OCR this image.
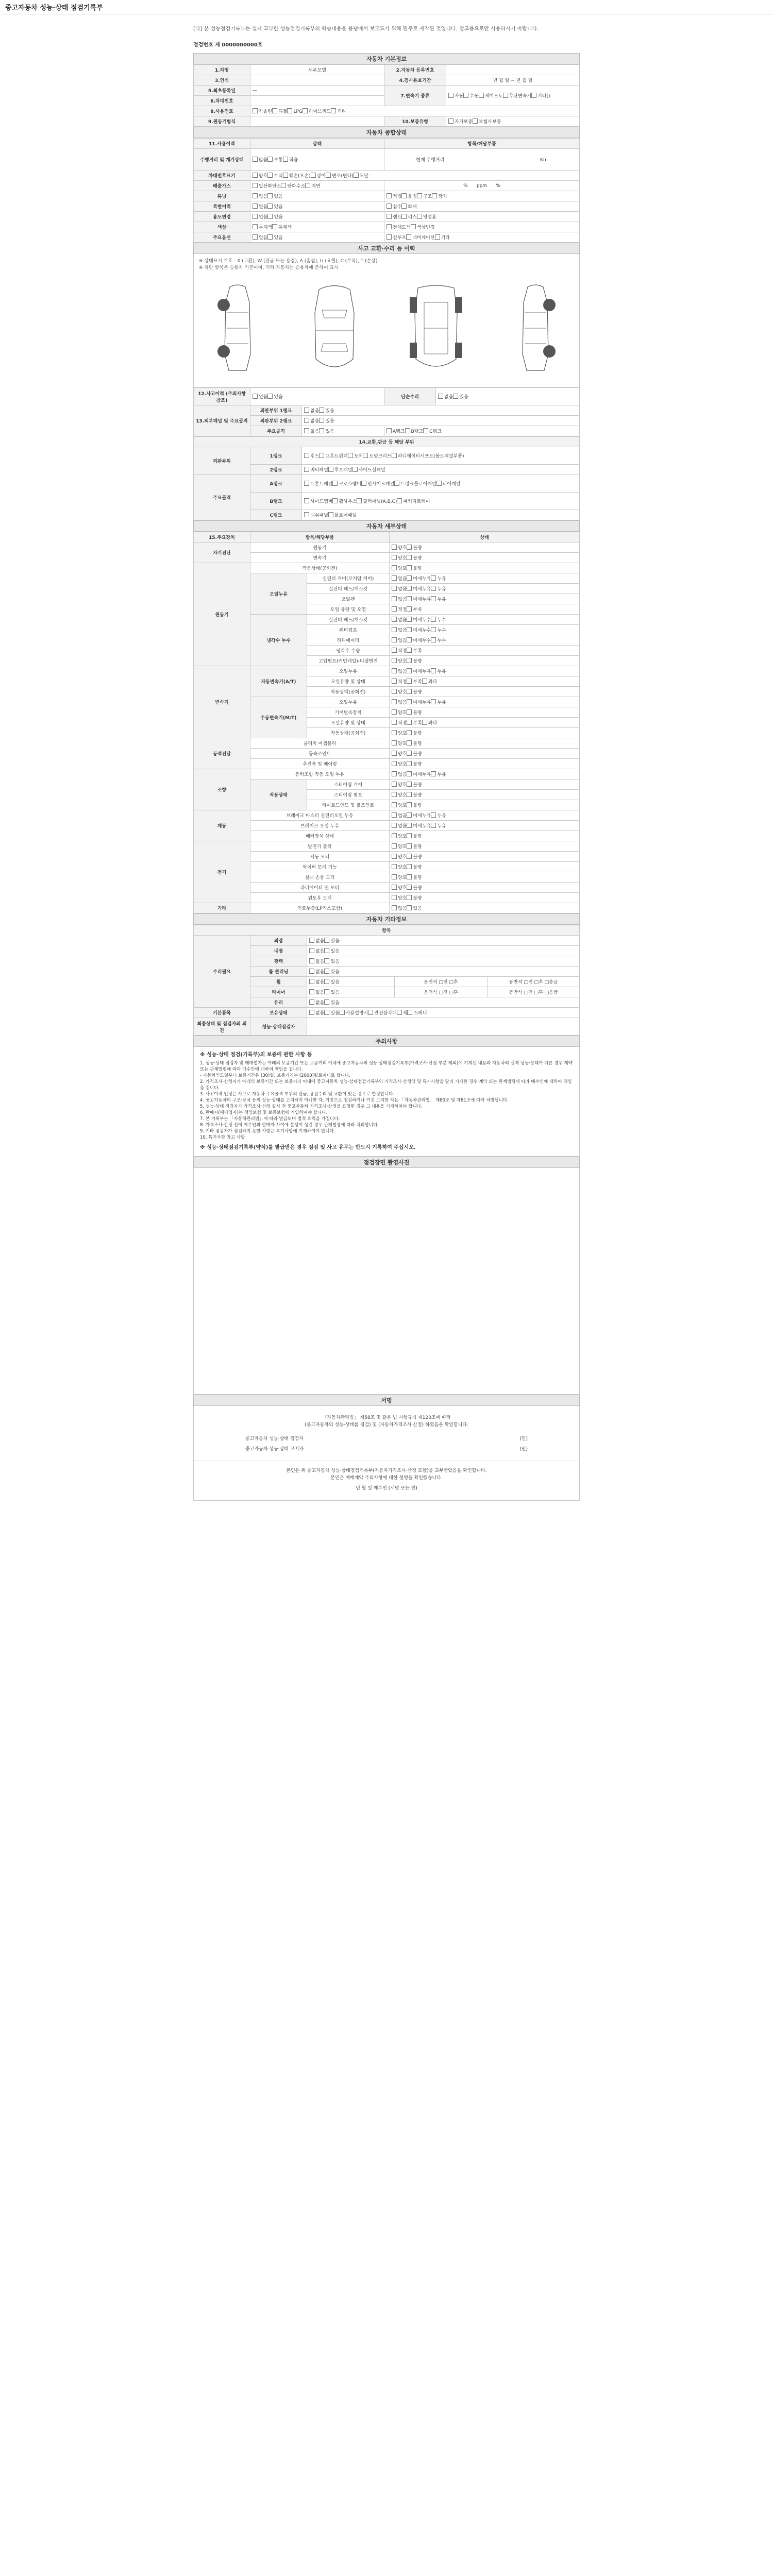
중고자동차 성능·상태 점검기록부

[다] 본 성능점검기록부는 실제 고부한 성능점검기록부의 학습내용을 용녕에서 보모드가 위해 편주로 제작된 것입니다. 참고용으로만 사용하시기 바랍니다.

점검번호 제 0000000000호

자동차 기본정보
1.차명	세부모델	2.자동차 등록번호	
3.연식		4.검사유효기간	년 월 일 ~ 년 월 일
5.최초등록일	—	7.변속기 종류	자동 수동 세미오토 무단변속기 기타()
6.차대번호			
8.사용연료	가솔린 디젤 LPG 하이브리드 기타		
9.원동기형식		10.보증유형	자가보증 보험사보증
자동차 종합상태
11.사용이력	상태	항목/해당부품
주행거리 및 계기상태	많음 보통 적음	현재 주행거리 Km
차대번호표기	양호 부식 훼손(오손) 상이 변조(변타) 도말	
배출가스	일산화탄소 탄화수소 매연	% ppm %
튜닝	없음 있음	적법 불법 구조 장치
특별이력	없음 있음	침수 화재
용도변경	없음 있음	렌트 리스 영업용
색상	무채색 유채색	전체도색 색상변경
주요옵션	없음 있음	선루프 네비게이션 기타
사고 교환·수리 등 이력

※ 상태표시 부호 : X (교환), W (판금 또는 용접), A (흠집), U (요철), C (부식), T (손상)

※ 하단 항목은 승용차 기준이며, 기타 자동차는 승용차에 준하여 표시

12.사고이력 (주의사항 참조)	없음 있음		단순수리	없음 있음
13.외부패널 및 주요골격	외판부위 1랭크	없음 있음		
	외판부위 2랭크	없음 있음		
	주요골격	없음 있음	A랭크 B랭크 C랭크	
14.교환,판금 등 해당 부위		
외판부위	1랭크	후드 프론트펜더 도어 트렁크리드 라디에이터서포트(볼트체결부품)
	2랭크	쿼터패널 루프패널 사이드실패널
주요골격	A랭크	프론트패널 크로스멤버 인사이드패널 트렁크플로어패널 리어패널
	B랭크	사이드멤버 휠하우스 필러패널(A,B,C) 패키지트레이
	C랭크	대쉬패널 플로어패널
자동차 세부상태
15.주요장치	항목/해당부품		상태
자기진단	원동기		양호 불량
	변속기		양호 불량
원동기	작동상태(공회전)		양호 불량
	오일누유	실린더 커버(로커암 커버)	없음 미세누유 누유
		실린더 헤드/개스킷	없음 미세누유 누유
		오일팬	없음 미세누유 누유
		오일 유량 및 오염	적정 부족
	냉각수 누수	실린더 헤드/개스킷	없음 미세누수 누수
		워터펌프	없음 미세누수 누수
		라디에이터	없음 미세누수 누수
		냉각수 수량	적정 부족
		고압펌프(커먼레일)-디젤엔진	양호 불량
변속기	자동변속기(A/T)	오일누유	없음 미세누유 누유
		오일유량 및 상태	적정 부족 과다
		작동상태(공회전)	양호 불량
	수동변속기(M/T)	오일누유	없음 미세누유 누유
		기어변속장치	양호 불량
		오일유량 및 상태	적정 부족 과다
		작동상태(공회전)	양호 불량
동력전달	클러치 어셈블리		양호 불량
	등속조인트		양호 불량
	추진축 및 베어링		양호 불량
조향	동력조향 작동 오일 누유		없음 미세누유 누유
	작동상태	스티어링 기어	양호 불량
		스티어링 펌프	양호 불량
		타이로드엔드 및 볼조인트	양호 불량
제동	브레이크 마스터 실린더오일 누유		없음 미세누유 누유
	브레이크 오일 누유		없음 미세누유 누유
	배력장치 상태		양호 불량
전기	발전기 출력		양호 불량
	시동 모터		양호 불량
	와이퍼 모터 기능		양호 불량
	실내 송풍 모터		양호 불량
	라디에이터 팬 모터		양호 불량
	윈도우 모터		양호 불량
기타	연료누출(LP가스포함)		없음 있음
자동차 기타정보
항목				
수리필요	외장	없음 있음		
	내장	없음 있음		
	광택	없음 있음		
	룸 클리닝	없음 있음		
	휠	없음 있음	운전석 □전 □후	동반석 □전 □후 □응급
	타이어	없음 있음	운전석 □전 □후	동반석 □전 □후 □응급
	유리	없음 있음		
기본품목	보유상태	없음 있음 사용설명서 안전삼각대 잭 스패너		
최종상태 및 점검자의 의견	성능·상태점검자			
주의사항

※ 성능·상태 점검(기록부)의 보증에 관한 사항 등

1. 성능·상태 점검자 및 매매업자는 아래의 보증기간 또는 보증거리 이내에 중고자동차의 성능·상태점검기록부(가격조사·산정 부분 제외)에 기재된 내용과 자동차의 실제 성능·상태가 다른 경우 계약 또는 관계법령에 따라 매수인에 대하여 책임을 집니다.

- 자동차인도일부터 보증기간은 (30)일, 보증거리는 (2000)킬로미터로 합니다.

2. 가격조사·산정자가 아래의 보증기간 또는 보증거리 이내에 중고자동차 성능·상태점검기록부의 가격조사·산정액 및 특기사항을 달리 기재한 경우 계약 또는 관계법령에 따라 매수인에 대하여 책임을 집니다.

3. 사고이력 인정은 사고로 자동차 주요골격 부위의 판금, 용접수리 및 교환이 있는 경우로 한정합니다.

4. 중고자동차의 구조·장치 등의 성능·상태를 고지하지 아니한 자, 거짓으로 점검하거나 거짓 고지한 자는 「자동차관리법」 제80조 및 제81조에 따라 처벌됩니다.

5. 성능·상태 점검자가 가격조사·산정 실시 전 중고자동차 가격조사·산정을 요청한 경우 그 내용을 기재하여야 합니다.

6. 판매자(매매업자)는 책임보험 및 보증보험에 가입하여야 합니다.

7. 본 기록부는 「자동차관리법」에 따라 발급되며 법적 효력을 가집니다.

8. 가격조사·산정 전에 매수인과 판매자 사이에 분쟁이 생긴 경우 관계법령에 따라 처리합니다.

9. 기타 점검자가 점검하지 못한 사항은 특기사항에 기재하여야 합니다.

10. 특기사항 참고 사항

※ 성능·상태점검기록부(약식)를 발급받은 경우 점검 및 사고 유무는 반드시 기록하여 주십시오.

점검장면 촬영사진
서명

「자동차관리법」 제58조 및 같은 법 시행규칙 제120조에 따라

(중고자동차의 성능·상태를 점검) 및 (자동차가격조사·산정) 하였음을 확인합니다.

중고자동차 성능·상태 점검자	(인)
중고자동차 성능·상태 고지자	(인)

본인은 위 중고자동차 성능·상태점검기록부(자동차가격조사·산정 포함)를 교부받았음을 확인합니다.

본인은 매매계약 주의사항에 대한 설명을 확인했습니다.

년 월 일 매수인 (서명 또는 인)
